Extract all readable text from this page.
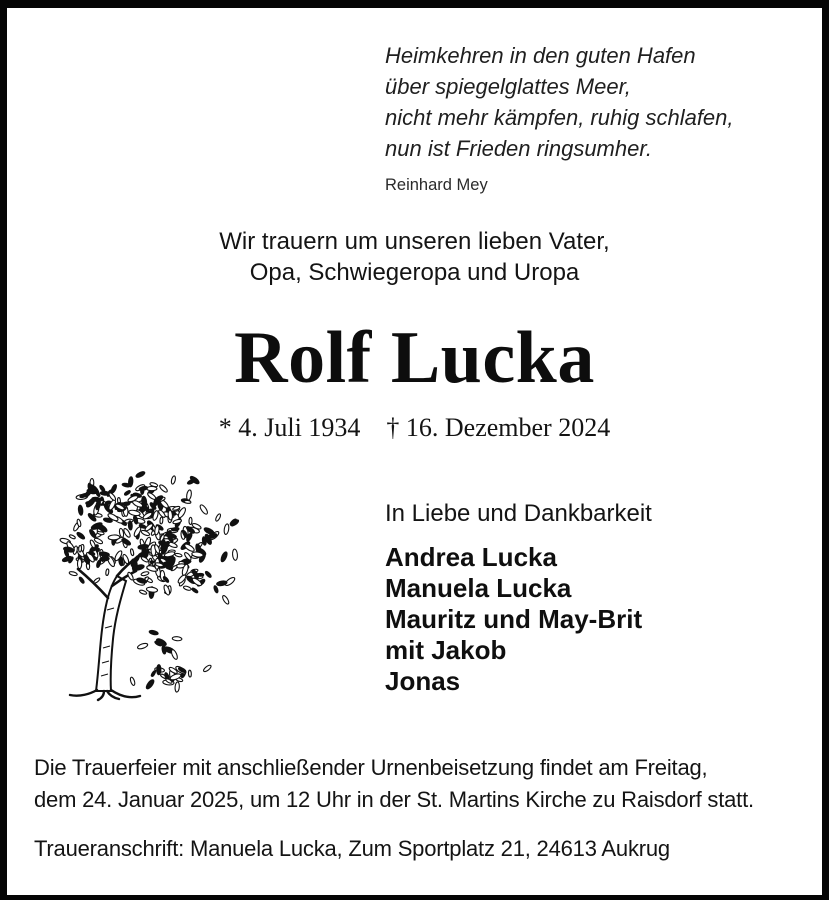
Heimkehren in den guten Hafen
über spiegelglattes Meer,
nicht mehr kämpfen, ruhig schlafen,
nun ist Frieden ringsumher.
Reinhard Mey
Wir trauern um unseren lieben Vater,
Opa, Schwiegeropa und Uropa
Rolf Lucka
* 4. Juli 1934 † 16. Dezember 2024
In Liebe und Dankbarkeit
Andrea Lucka
Manuela Lucka
Mauritz und May-Brit
mit Jakob
Jonas
Die Trauerfeier mit anschließender Urnenbeisetzung findet am Freitag,
dem 24. Januar 2025, um 12 Uhr in der St. Martins Kirche zu Raisdorf statt.
Traueranschrift: Manuela Lucka, Zum Sportplatz 21, 24613 Aukrug
